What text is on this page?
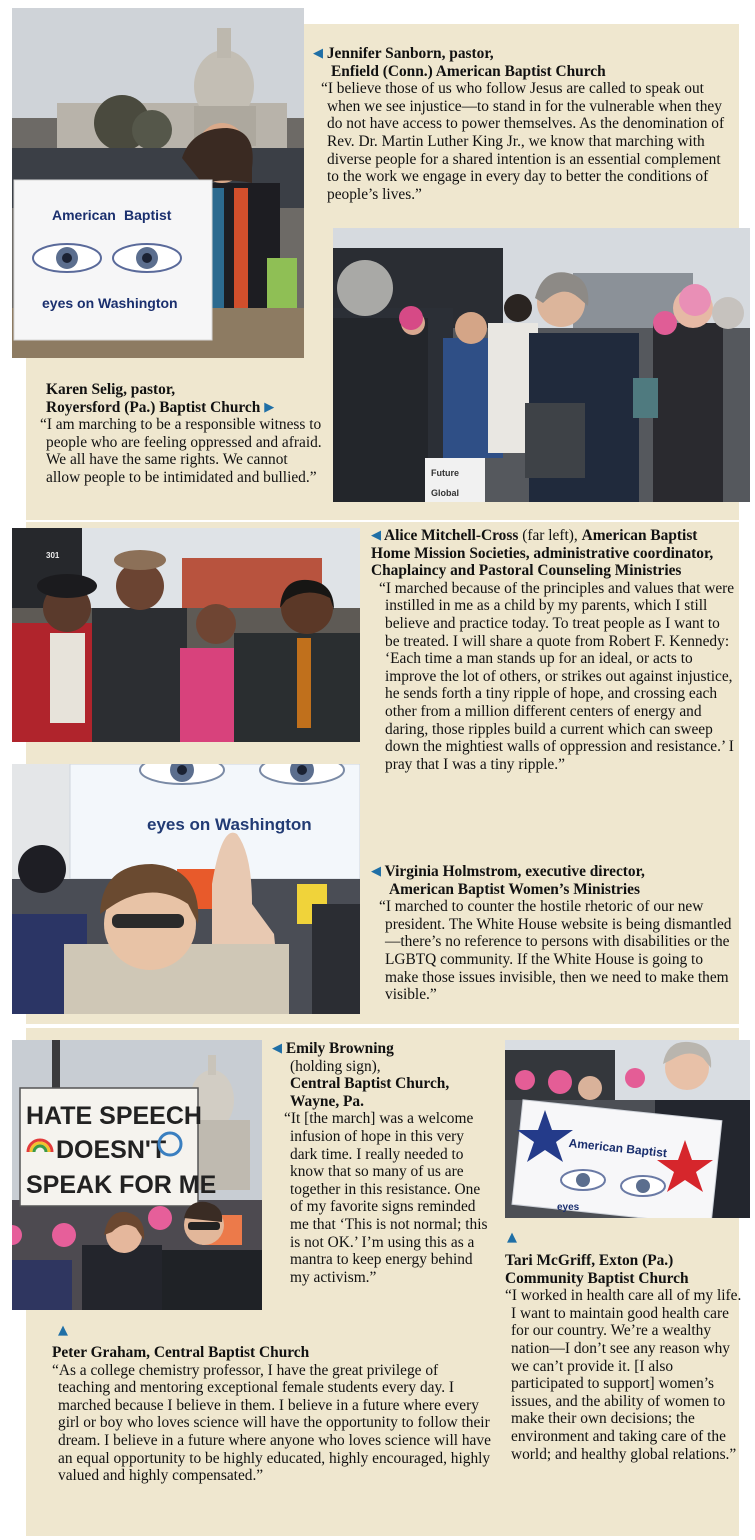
American Baptist
eyes on Washington
◀ Jennifer Sanborn, pastor,
Enfield (Conn.) American Baptist Church
“I believe those of us who follow Jesus are called to speak out when we see injustice—to stand in for the vulnerable when they do not have access to power themselves. As the denomination of Rev. Dr. Martin Luther King Jr., we know that marching with diverse people for a shared intention is an essential complement to the work we engage in every day to better the conditions of people’s lives.”
Future
Global
Karen Selig, pastor,
Royersford (Pa.) Baptist Church ▶
“I am marching to be a responsible witness to people who are feeling oppressed and afraid. We all have the same rights. We cannot allow people to be intimidated and bullied.”
301
◀ Alice Mitchell-Cross (far left), American Baptist Home Mission Societies, administrative coordinator, Chaplaincy and Pastoral Counseling Ministries
“I marched because of the principles and values that were instilled in me as a child by my parents, which I still believe and practice today. To treat people as I want to be treated. I will share a quote from Robert F. Kennedy: ‘Each time a man stands up for an ideal, or acts to improve the lot of others, or strikes out against injustice, he sends forth a tiny ripple of hope, and crossing each other from a million different centers of energy and daring, those ripples build a current which can sweep down the mightiest walls of oppression and resistance.’ I pray that I was a tiny ripple.”
eyes on Washington
◀ Virginia Holmstrom, executive director,
American Baptist Women’s Ministries
“I marched to counter the hostile rhetoric of our new president. The White House website is being dismantled—there’s no reference to persons with disabilities or the LGBTQ community. If the White House is going to make those issues invisible, then we need to make them visible.”
HATE SPEECH
DOESN'T
SPEAK FOR ME
◀ Emily Browning
(holding sign),

Central Baptist Church, Wayne, Pa.
“It [the march] was a welcome infusion of hope in this very dark time. I really needed to know that so many of us are together in this resistance. One of my favorite signs reminded me that ‘This is not normal; this is not OK.’ I’m using this as a mantra to keep energy behind my activism.”
American Baptist
eyes
▲
Tari McGriff, Exton (Pa.)
Community Baptist Church
“I worked in health care all of my life. I want to maintain good health care for our country. We’re a wealthy nation—I don’t see any reason why we can’t provide it. [I also participated to support] women’s issues, and the ability of women to make their own decisions; the environment and taking care of the world; and healthy global relations.”
▲
Peter Graham, Central Baptist Church
“As a college chemistry professor, I have the great privilege of teaching and mentoring exceptional female students every day. I marched because I believe in them. I believe in a future where every girl or boy who loves science will have the opportunity to follow their dream. I believe in a future where anyone who loves science will have an equal opportunity to be highly educated, highly encouraged, highly valued and highly compensated.”
